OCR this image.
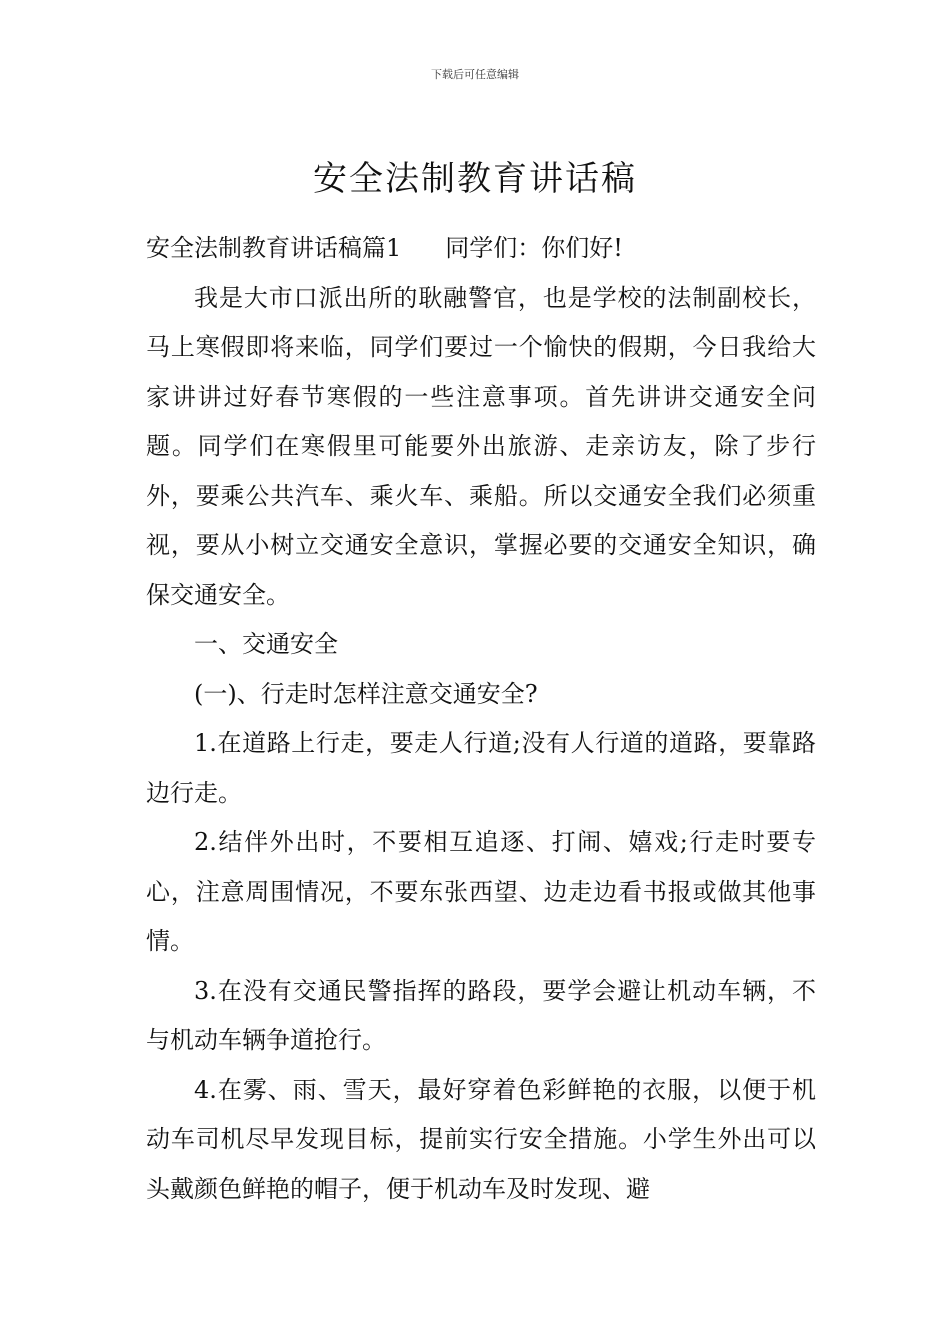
下载后可任意编辑
安全法制教育讲话稿

安全法制教育讲话稿篇1 同学们：你们好!

我是大市口派出所的耿融警官，也是学校的法制副校长，马上寒假即将来临，同学们要过一个愉快的假期，今日我给大家讲讲过好春节寒假的一些注意事项。首先讲讲交通安全问题。同学们在寒假里可能要外出旅游、走亲访友，除了步行外，要乘公共汽车、乘火车、乘船。所以交通安全我们必须重视，要从小树立交通安全意识，掌握必要的交通安全知识，确保交通安全。

一、交通安全

(一)、行走时怎样注意交通安全?

1.在道路上行走，要走人行道;没有人行道的道路，要靠路边行走。

2.结伴外出时，不要相互追逐、打闹、嬉戏;行走时要专心，注意周围情况，不要东张西望、边走边看书报或做其他事情。

3.在没有交通民警指挥的路段，要学会避让机动车辆，不与机动车辆争道抢行。

4.在雾、雨、雪天，最好穿着色彩鲜艳的衣服，以便于机动车司机尽早发现目标，提前实行安全措施。小学生外出可以头戴颜色鲜艳的帽子，便于机动车及时发现、避
